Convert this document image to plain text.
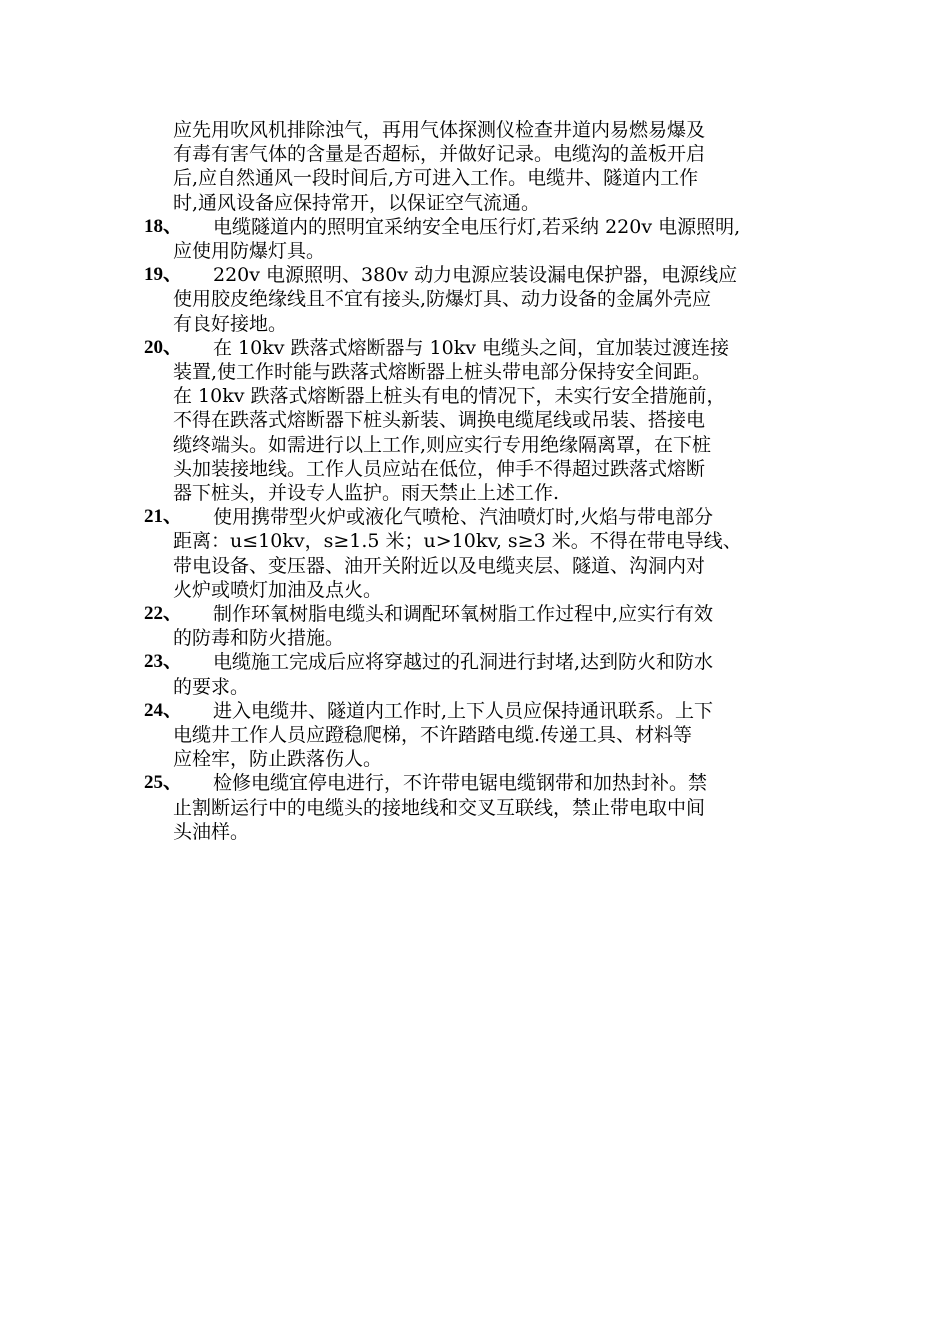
应先用吹风机排除浊气，再用气体探测仪检查井道内易燃易爆及
有毒有害气体的含量是否超标，并做好记录。电缆沟的盖板开启
后,应自然通风一段时间后,方可进入工作。电缆井、隧道内工作
时,通风设备应保持常开，以保证空气流通。
18、	电缆隧道内的照明宜采纳安全电压行灯,若采纳 220v 电源照明,
应使用防爆灯具。
19、	220v 电源照明、380v 动力电源应装设漏电保护器，电源线应
使用胶皮绝缘线且不宜有接头,防爆灯具、动力设备的金属外壳应
有良好接地。
20、	在 10kv 跌落式熔断器与 10kv 电缆头之间，宜加装过渡连接
装置,使工作时能与跌落式熔断器上桩头带电部分保持安全间距。
在 10kv 跌落式熔断器上桩头有电的情况下，未实行安全措施前，
不得在跌落式熔断器下桩头新装、调换电缆尾线或吊装、搭接电
缆终端头。如需进行以上工作,则应实行专用绝缘隔离罩，在下桩
头加装接地线。工作人员应站在低位，伸手不得超过跌落式熔断
器下桩头，并设专人监护。雨天禁止上述工作.
21、	使用携带型火炉或液化气喷枪、汽油喷灯时,火焰与带电部分
距离：u≤10kv，s≥1.5 米；u>10kv, s≥3 米。不得在带电导线、
带电设备、变压器、油开关附近以及电缆夹层、隧道、沟洞内对
火炉或喷灯加油及点火。
22、	制作环氧树脂电缆头和调配环氧树脂工作过程中,应实行有效
的防毒和防火措施。
23、	电缆施工完成后应将穿越过的孔洞进行封堵,达到防火和防水
的要求。
24、	进入电缆井、隧道内工作时,上下人员应保持通讯联系。上下
电缆井工作人员应蹬稳爬梯，不许踏踏电缆.传递工具、材料等
应栓牢，防止跌落伤人。
25、	检修电缆宜停电进行，不许带电锯电缆钢带和加热封补。禁
止割断运行中的电缆头的接地线和交叉互联线，禁止带电取中间
头油样。
